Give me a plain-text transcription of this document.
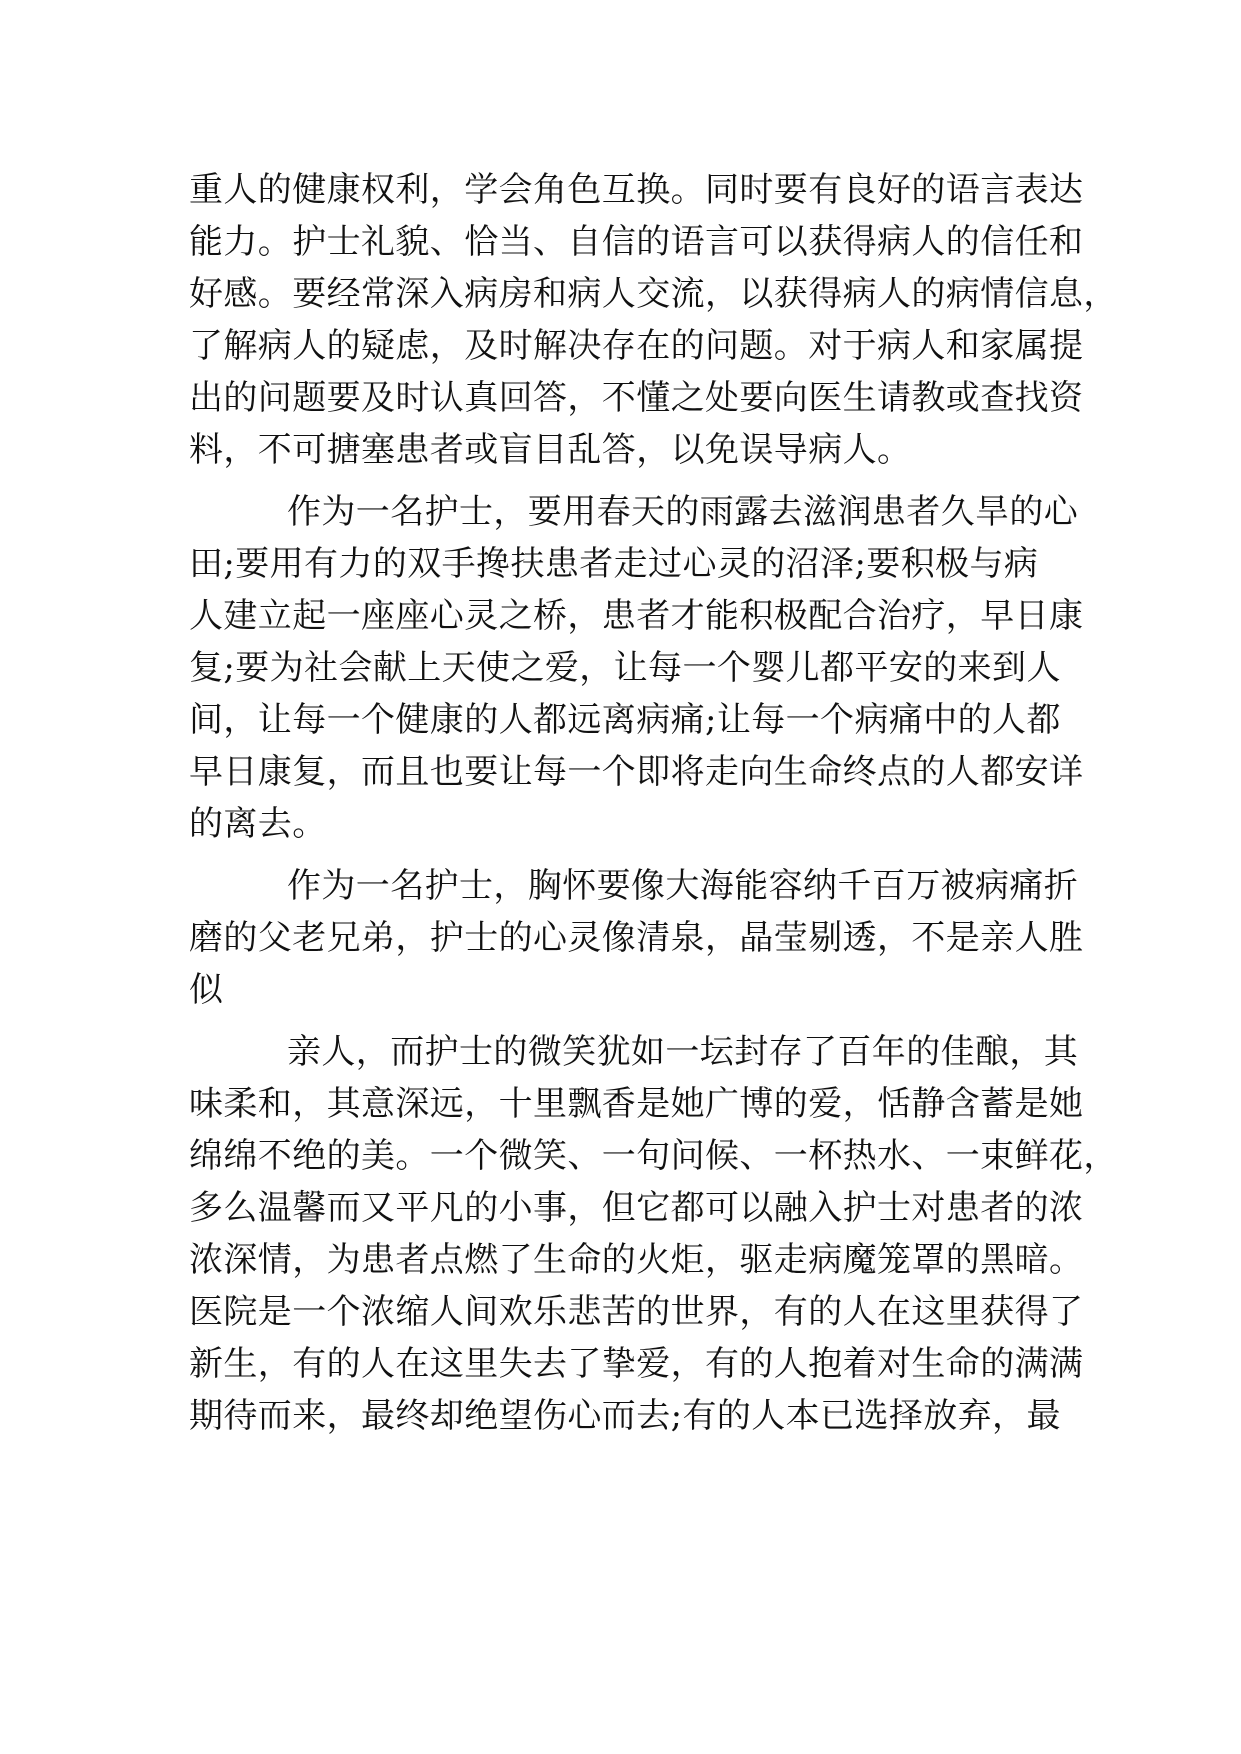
重人的健康权利，学会角色互换。同时要有良好的语言表达
能力。护士礼貌、恰当、自信的语言可以获得病人的信任和
好感。要经常深入病房和病人交流，以获得病人的病情信息，
了解病人的疑虑，及时解决存在的问题。对于病人和家属提
出的问题要及时认真回答，不懂之处要向医生请教或查找资
料，不可搪塞患者或盲目乱答，以免误导病人。
作为一名护士，要用春天的雨露去滋润患者久旱的心
田;要用有力的双手搀扶患者走过心灵的沼泽;要积极与病
人建立起一座座心灵之桥，患者才能积极配合治疗，早日康
复;要为社会献上天使之爱，让每一个婴儿都平安的来到人
间，让每一个健康的人都远离病痛;让每一个病痛中的人都
早日康复，而且也要让每一个即将走向生命终点的人都安详
的离去。
作为一名护士，胸怀要像大海能容纳千百万被病痛折
磨的父老兄弟，护士的心灵像清泉，晶莹剔透，不是亲人胜
似
亲人，而护士的微笑犹如一坛封存了百年的佳酿，其
味柔和，其意深远，十里飘香是她广博的爱，恬静含蓄是她
绵绵不绝的美。一个微笑、一句问候、一杯热水、一束鲜花，
多么温馨而又平凡的小事，但它都可以融入护士对患者的浓
浓深情，为患者点燃了生命的火炬，驱走病魔笼罩的黑暗。
医院是一个浓缩人间欢乐悲苦的世界，有的人在这里获得了
新生，有的人在这里失去了挚爱，有的人抱着对生命的满满
期待而来，最终却绝望伤心而去;有的人本已选择放弃，最
